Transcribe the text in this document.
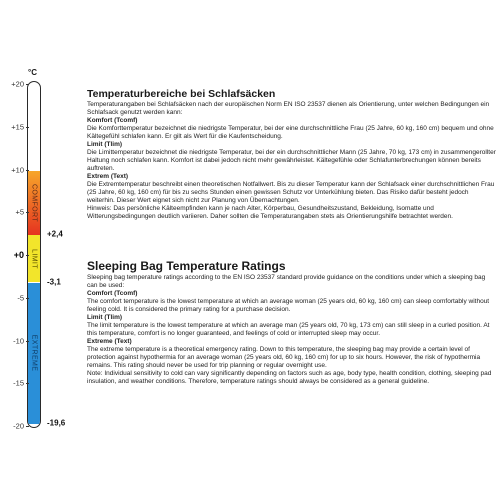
°C
COMFORT
LIMIT
EXTREME
+20
+15
+10
+5
+0
-5
-10
-15
-20
+2,4
-3,1
-19,6
Temperaturbereiche bei Schlafsäcken

Temperaturangaben bei Schlafsäcken nach der europäischen Norm EN ISO 23537 dienen als Orientierung, unter welchen Bedingungen ein Schlafsack genutzt werden kann:

Komfort (Tcomf)

Die Komforttemperatur bezeichnet die niedrigste Temperatur, bei der eine durchschnittliche Frau (25 Jahre, 60 kg, 160 cm) bequem und ohne Kältegefühl schlafen kann. Er gilt als Wert für die Kaufentscheidung.

Limit (Tlim)

Die Limittemperatur bezeichnet die niedrigste Temperatur, bei der ein durchschnittlicher Mann (25 Jahre, 70 kg, 173 cm) in zusammengerollter Haltung noch schlafen kann. Komfort ist dabei jedoch nicht mehr gewährleistet. Kältegefühle oder Schlafunterbrechungen können bereits auftreten.

Extrem (Text)

Die Extremtemperatur beschreibt einen theoretischen Notfallwert. Bis zu dieser Temperatur kann der Schlafsack einer durchschnittlichen Frau (25 Jahre, 60 kg, 160 cm) für bis zu sechs Stunden einen gewissen Schutz vor Unterkühlung bieten. Das Risiko dafür besteht jedoch weiterhin. Dieser Wert eignet sich nicht zur Planung von Übernachtungen.

Hinweis: Das persönliche Kälteempfinden kann je nach Alter, Körperbau, Gesundheitszustand, Bekleidung, Isomatte und Witterungsbedingungen deutlich variieren. Daher sollten die Temperaturangaben stets als Orientierungshilfe betrachtet werden.

Sleeping Bag Temperature Ratings

Sleeping bag temperature ratings according to the EN ISO 23537 standard provide guidance on the conditions under which a sleeping bag can be used:

Comfort (Tcomf)

The comfort temperature is the lowest temperature at which an average woman (25 years old, 60 kg, 160 cm) can sleep comfortably without feeling cold. It is considered the primary rating for a purchase decision.

Limit (Tlim)

The limit temperature is the lowest temperature at which an average man (25 years old, 70 kg, 173 cm) can still sleep in a curled position. At this temperature, comfort is no longer guaranteed, and feelings of cold or interrupted sleep may occur.

Extreme (Text)

The extreme temperature is a theoretical emergency rating. Down to this temperature, the sleeping bag may provide a certain level of protection against hypothermia for an average woman (25 years old, 60 kg, 160 cm) for up to six hours. However, the risk of hypothermia remains. This rating should never be used for trip planning or regular overnight use.

Note: Individual sensitivity to cold can vary significantly depending on factors such as age, body type, health condition, clothing, sleeping pad insulation, and weather conditions. Therefore, temperature ratings should always be considered as a general guideline.
